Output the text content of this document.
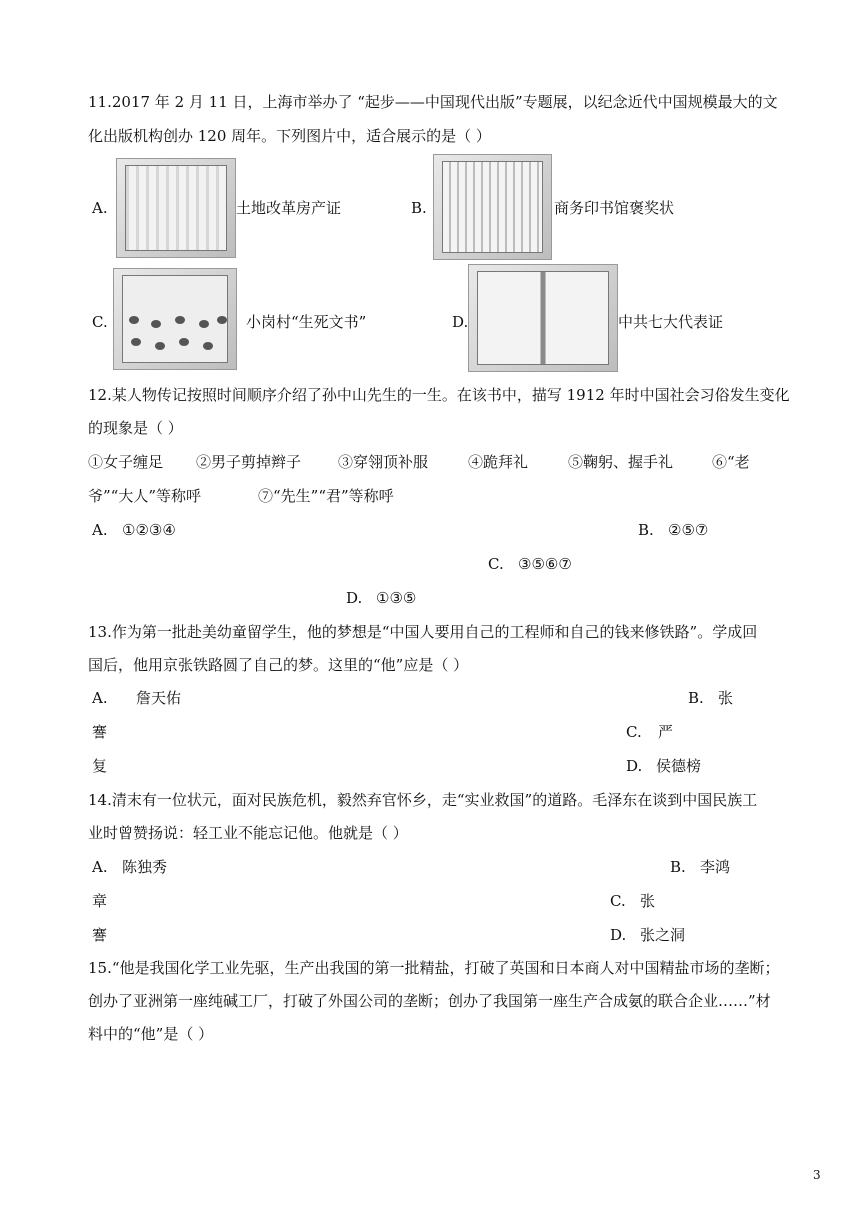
11.2017 年 2 月 11 日，上海市举办了 “起步——中国现代出版”专题展，以纪念近代中国规模最大的文
化出版机构创办 120 周年。下列图片中，适合展示的是（ ）
A.	土地改革房产证	B.	商务印书馆褒奖状
C.	小岗村“生死文书”	D.	中共七大代表证
12.某人物传记按照时间顺序介绍了孙中山先生的一生。在该书中，描写 1912 年时中国社会习俗发生变化
的现象是（ ）
①女子缠足 ②男子剪掉辫子 ③穿翎顶补服	④跪拜礼	⑤鞠躬、握手礼	⑥“老
爷”“大人”等称呼	⑦“先生”“君”等称呼
A. ①②③④	B. ②⑤⑦
C. ③⑤⑥⑦
D. ①③⑤
13.作为第一批赴美幼童留学生，他的梦想是“中国人要用自己的工程师和自己的钱来修铁路”。学成回
国后，他用京张铁路圆了自己的梦。这里的“他”应是（ ）
A. 詹天佑	B. 张
謇	C. 严
复	D. 侯德榜
14.清末有一位状元，面对民族危机，毅然弃官怀乡，走“实业救国”的道路。毛泽东在谈到中国民族工
业时曾赞扬说：轻工业不能忘记他。他就是（ ）
A. 陈独秀	B. 李鸿
章	C. 张
謇	D. 张之洞
15.“他是我国化学工业先驱，生产出我国的第一批精盐，打破了英国和日本商人对中国精盐市场的垄断；
创办了亚洲第一座纯碱工厂，打破了外国公司的垄断；创办了我国第一座生产合成氨的联合企业……”材
料中的“他”是（ ）
3
